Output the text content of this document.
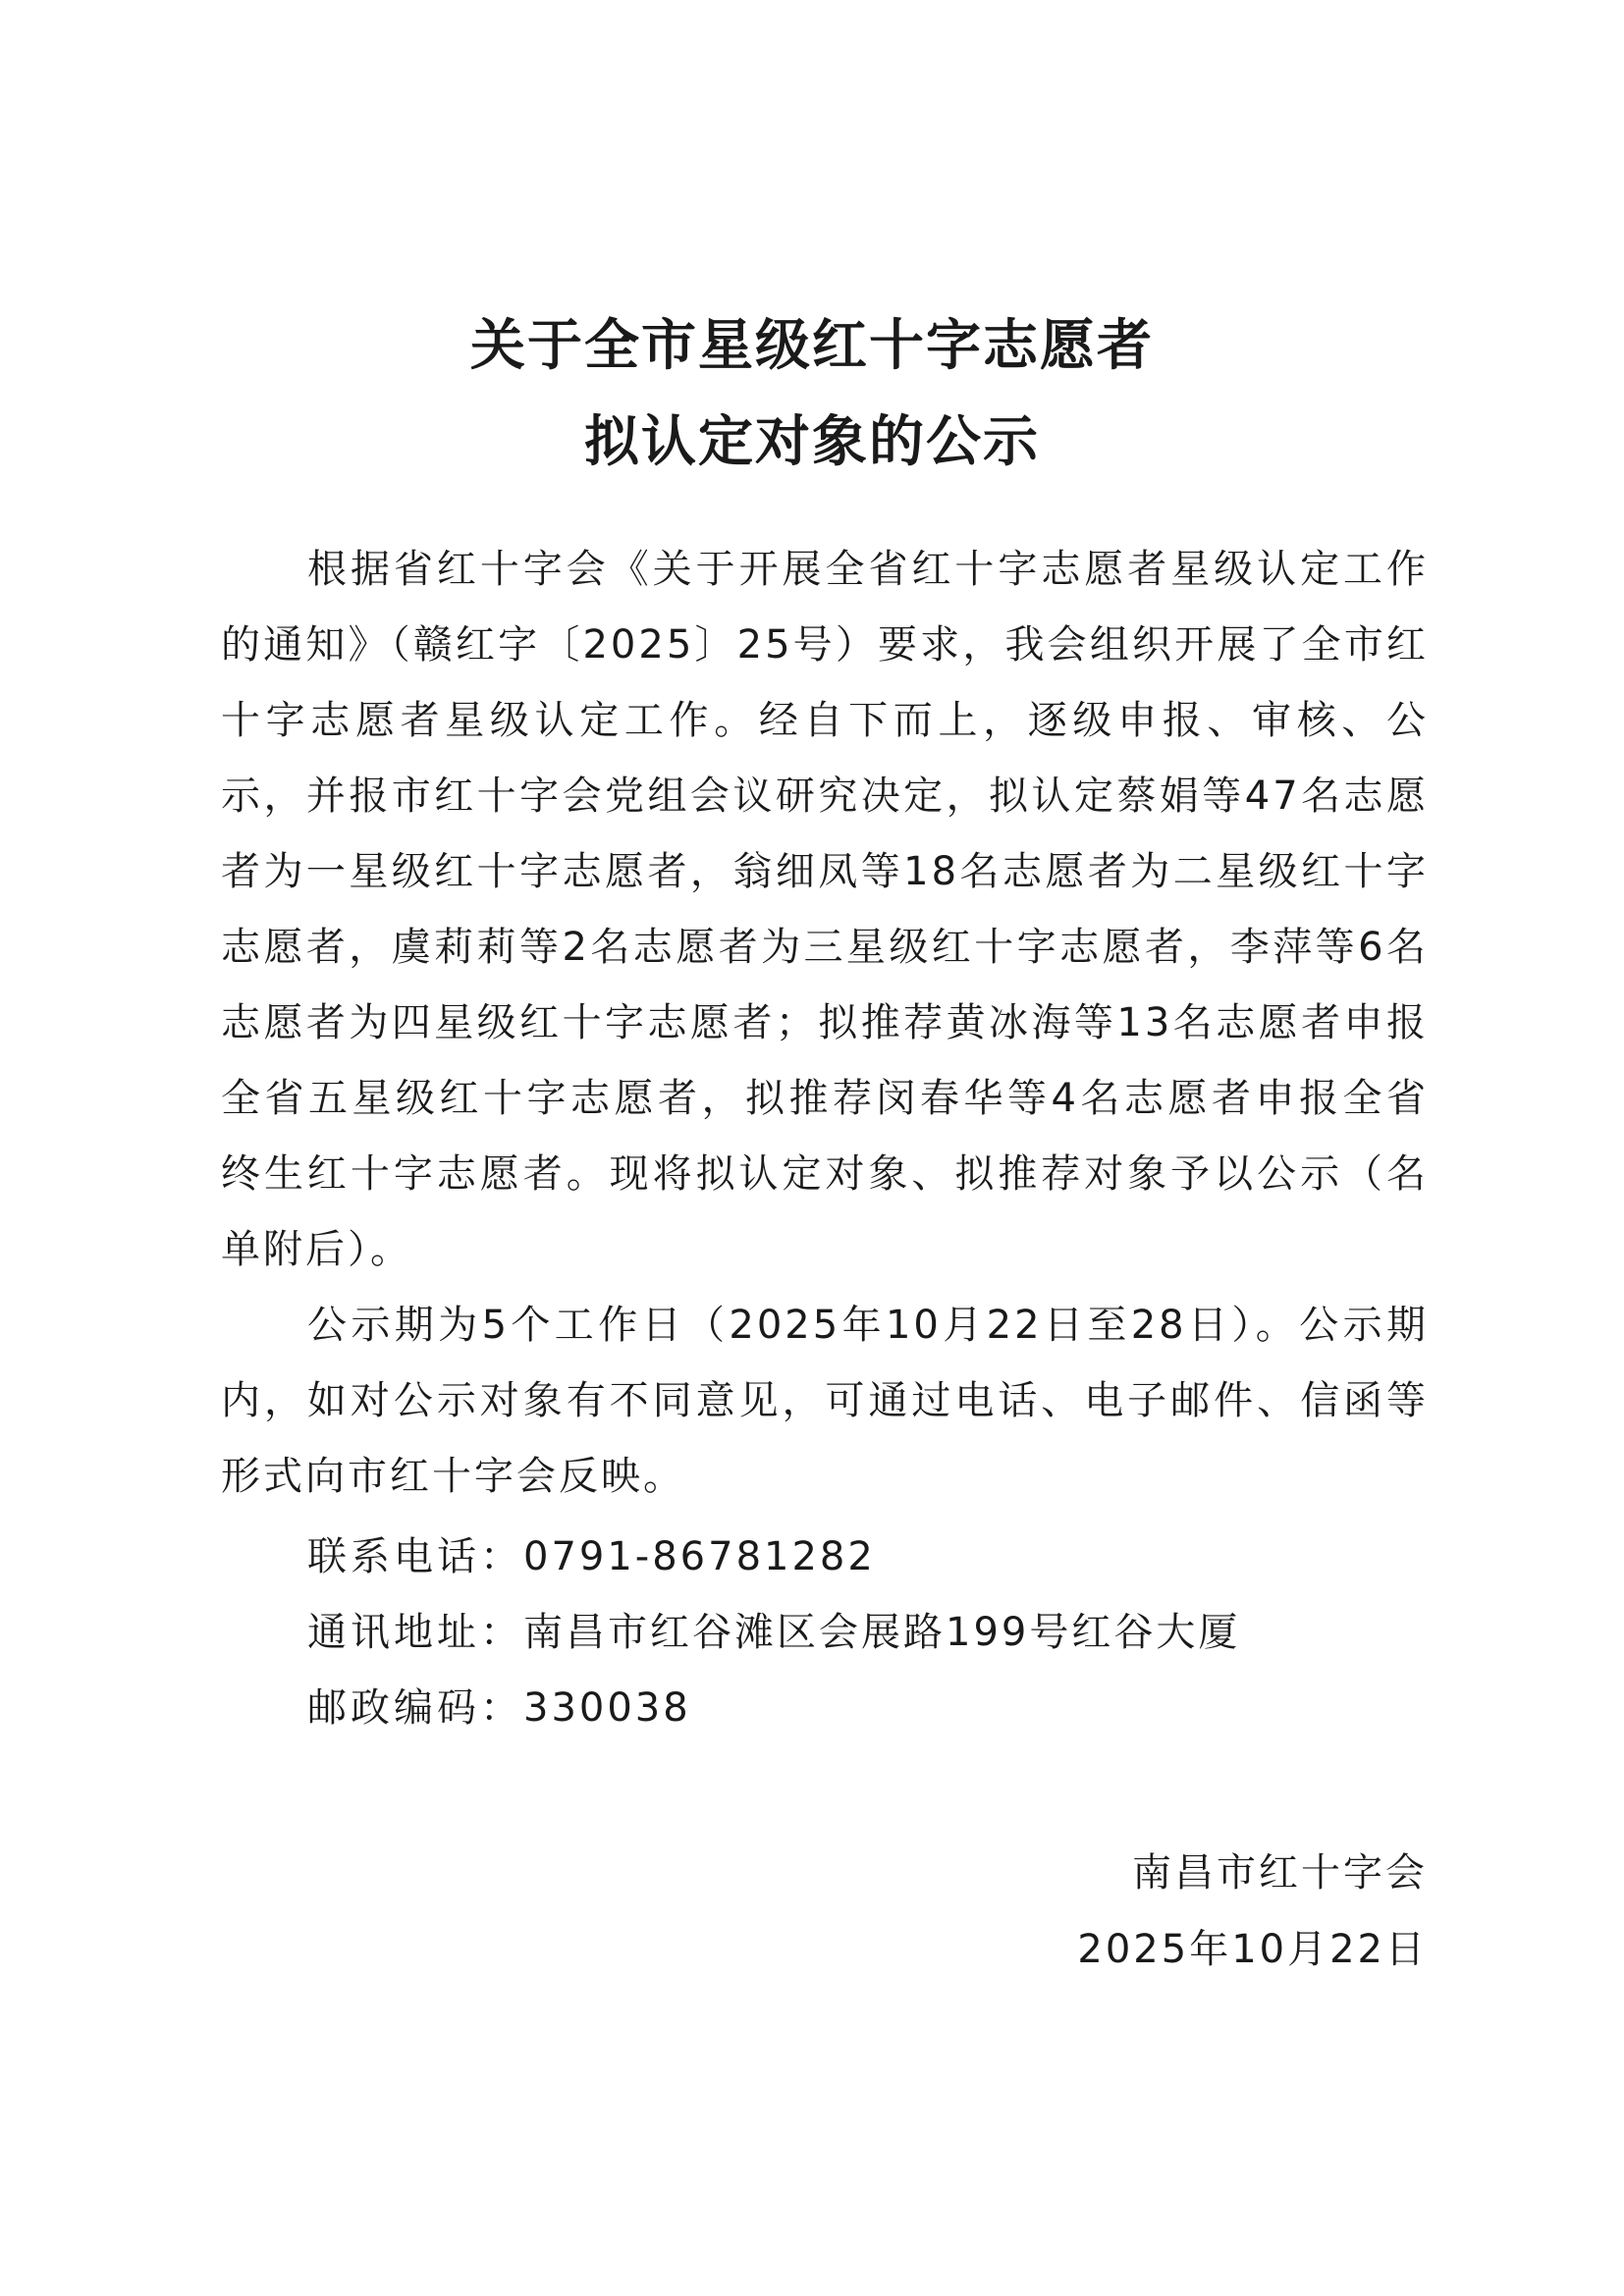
关于全市星级红十字志愿者
拟认定对象的公示

根据省红十字会《关于开展全省红十字志愿者星级认定工作的通知》（赣红字〔2025〕25号）要求，我会组织开展了全市红十字志愿者星级认定工作。经自下而上，逐级申报、审核、公示，并报市红十字会党组会议研究决定，拟认定蔡娟等47名志愿者为一星级红十字志愿者，翁细凤等18名志愿者为二星级红十字志愿者，虞莉莉等2名志愿者为三星级红十字志愿者，李萍等6名志愿者为四星级红十字志愿者；拟推荐黄冰海等13名志愿者申报全省五星级红十字志愿者，拟推荐闵春华等4名志愿者申报全省终生红十字志愿者。现将拟认定对象、拟推荐对象予以公示（名单附后）。

公示期为5个工作日（2025年10月22日至28日）。公示期内，如对公示对象有不同意见，可通过电话、电子邮件、信函等形式向市红十字会反映。

联系电话：0791-86781282
通讯地址：南昌市红谷滩区会展路199号红谷大厦
邮政编码：330038
南昌市红十字会
2025年10月22日
